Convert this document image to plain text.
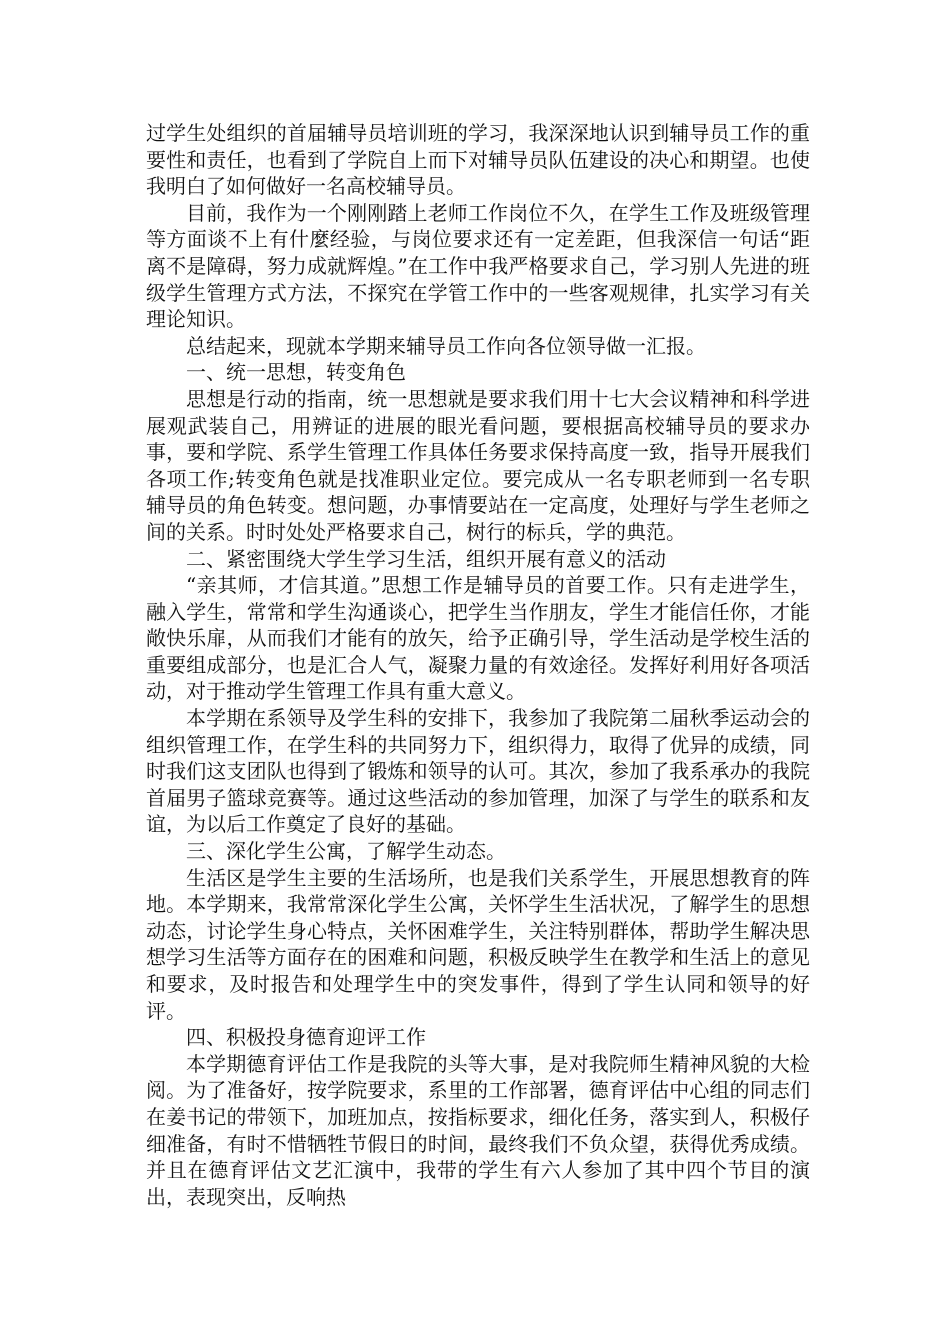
过学生处组织的首届辅导员培训班的学习，我深深地认识到辅导员工作的重要性和责任，也看到了学院自上而下对辅导员队伍建设的决心和期望。也使我明白了如何做好一名高校辅导员。

目前，我作为一个刚刚踏上老师工作岗位不久，在学生工作及班级管理等方面谈不上有什麼经验，与岗位要求还有一定差距，但我深信一句话“距离不是障碍，努力成就辉煌。”在工作中我严格要求自己，学习别人先进的班级学生管理方式方法，不探究在学管工作中的一些客观规律，扎实学习有关理论知识。

总结起来，现就本学期来辅导员工作向各位领导做一汇报。

一、统一思想，转变角色

思想是行动的指南，统一思想就是要求我们用十七大会议精神和科学进展观武装自己，用辨证的进展的眼光看问题，要根据高校辅导员的要求办事，要和学院、系学生管理工作具体任务要求保持高度一致，指导开展我们各项工作;转变角色就是找准职业定位。要完成从一名专职老师到一名专职辅导员的角色转变。想问题，办事情要站在一定高度，处理好与学生老师之间的关系。时时处处严格要求自己，树行的标兵，学的典范。

二、紧密围绕大学生学习生活，组织开展有意义的活动

“亲其师，才信其道。”思想工作是辅导员的首要工作。只有走进学生，融入学生，常常和学生沟通谈心，把学生当作朋友，学生才能信任你，才能敞快乐扉，从而我们才能有的放矢，给予正确引导，学生活动是学校生活的重要组成部分，也是汇合人气，凝聚力量的有效途径。发挥好利用好各项活动，对于推动学生管理工作具有重大意义。

本学期在系领导及学生科的安排下，我参加了我院第二届秋季运动会的组织管理工作，在学生科的共同努力下，组织得力，取得了优异的成绩，同时我们这支团队也得到了锻炼和领导的认可。其次，参加了我系承办的我院首届男子篮球竞赛等。通过这些活动的参加管理，加深了与学生的联系和友谊，为以后工作奠定了良好的基础。

三、深化学生公寓，了解学生动态。

生活区是学生主要的生活场所，也是我们关系学生，开展思想教育的阵地。本学期来，我常常深化学生公寓，关怀学生生活状况，了解学生的思想动态，讨论学生身心特点，关怀困难学生，关注特别群体，帮助学生解决思想学习生活等方面存在的困难和问题，积极反映学生在教学和生活上的意见和要求，及时报告和处理学生中的突发事件，得到了学生认同和领导的好评。

四、积极投身德育迎评工作

本学期德育评估工作是我院的头等大事，是对我院师生精神风貌的大检阅。为了准备好，按学院要求，系里的工作部署，德育评估中心组的同志们在姜书记的带领下，加班加点，按指标要求，细化任务，落实到人，积极仔细准备，有时不惜牺牲节假日的时间，最终我们不负众望，获得优秀成绩。并且在德育评估文艺汇演中，我带的学生有六人参加了其中四个节目的演出，表现突出，反响热
